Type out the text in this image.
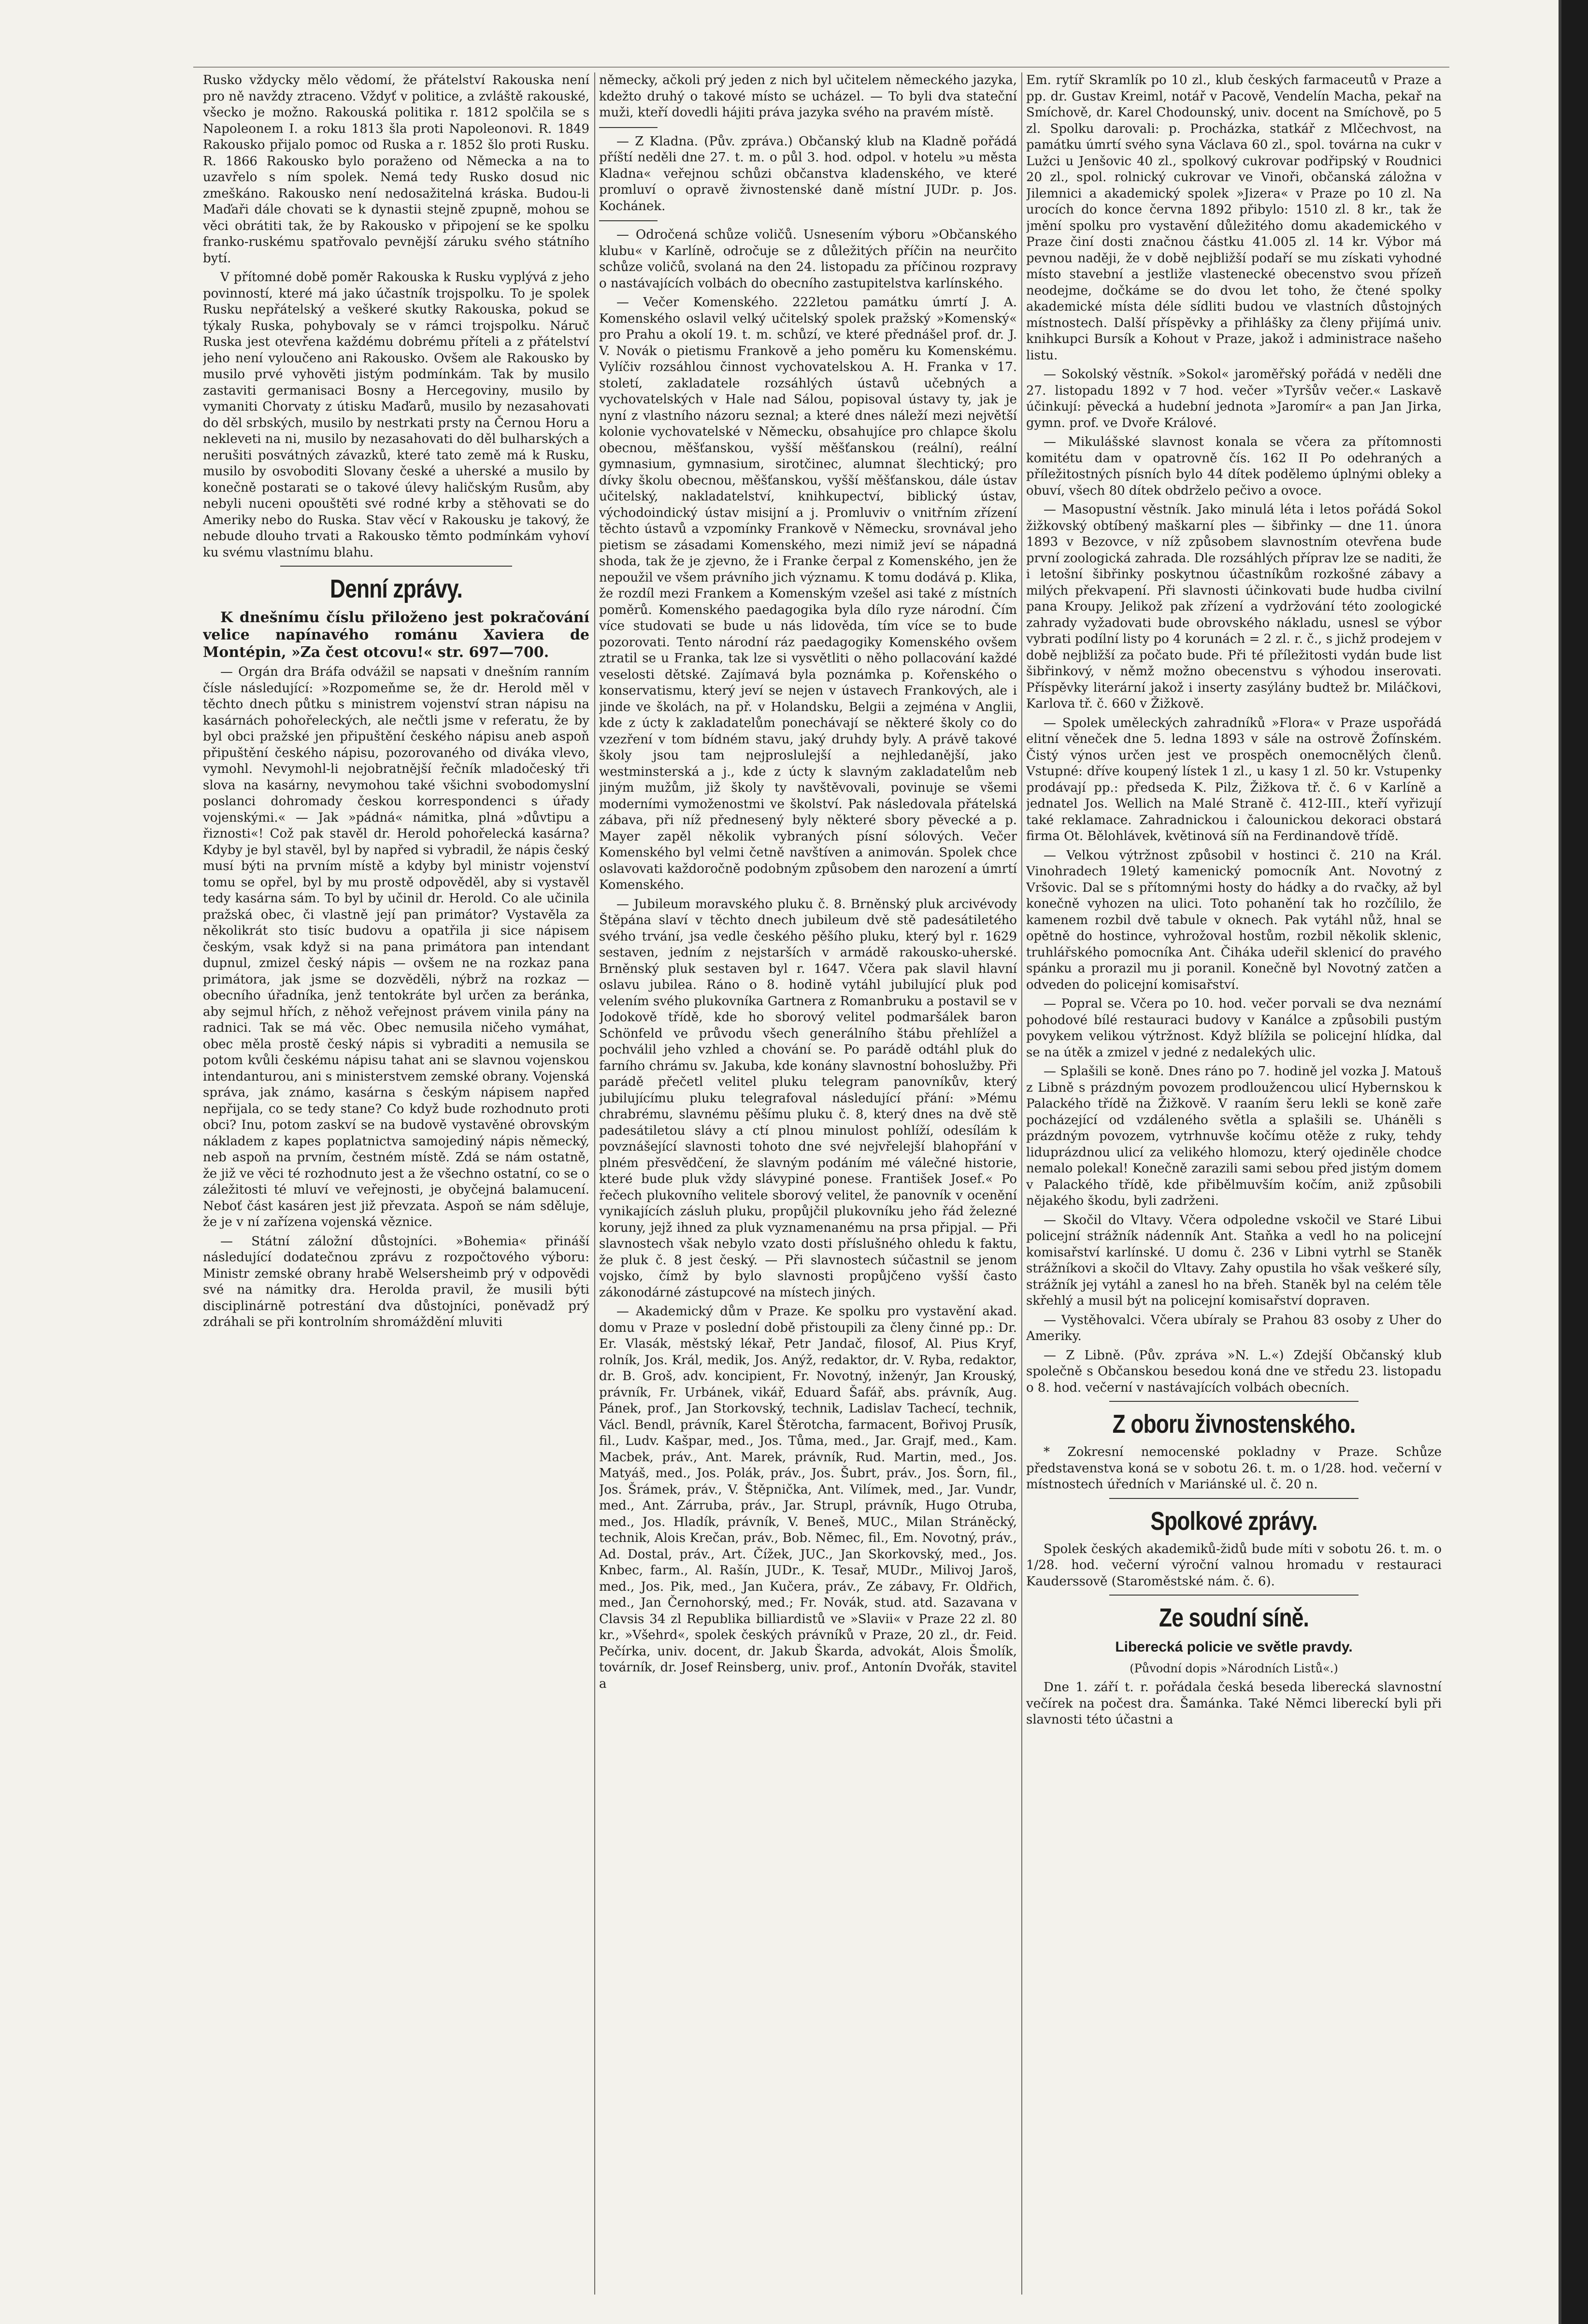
Rusko vždycky mělo vědomí, že přátelství Rakouska není pro ně navždy ztraceno. Vždyť v politice, a zvláště rakouské, všecko je možno. Rakouská politika r. 1812 spolčila se s Napoleonem I. a roku 1813 šla proti Napoleonovi. R. 1849 Rakousko přijalo pomoc od Ruska a r. 1852 šlo proti Rusku. R. 1866 Rakousko bylo poraženo od Německa a na to uzavřelo s ním spolek. Nemá tedy Rusko dosud nic zmeškáno. Rakousko není nedosažitelná kráska. Budou-li Maďaři dále chovati se k dynastii stejně zpupně, mohou se věci obrátiti tak, že by Rakousko v připojení se ke spolku franko-ruskému spatřovalo pevnější záruku svého státního bytí.

V přítomné době poměr Rakouska k Rusku vyplývá z jeho povinností, které má jako účastník trojspolku. To je spolek Rusku nepřátelský a veškeré skutky Rakouska, pokud se týkaly Ruska, pohybovaly se v rámci trojspolku. Náruč Ruska jest otevřena každému dobrému příteli a z přátelství jeho není vyloučeno ani Rakousko. Ovšem ale Rakousko by musilo prvé vyhověti jistým podmínkám. Tak by musilo zastaviti germanisaci Bosny a Hercegoviny, musilo by vymaniti Chorvaty z útisku Maďarů, musilo by nezasahovati do děl srbských, musilo by nestrkati prsty na Černou Horu a nekleveti na ni, musilo by nezasahovati do děl bulharských a nerušiti posvátných závazků, které tato země má k Rusku, musilo by osvoboditi Slovany české a uherské a musilo by konečně postarati se o takové úlevy haličským Rusům, aby nebyli nuceni opouštěti své rodné krby a stěhovati se do Ameriky nebo do Ruska. Stav věcí v Rakousku je takový, že nebude dlouho trvati a Rakousko těmto podmínkám vyhoví ku svému vlastnímu blahu.

Denní zprávy.

K dnešnímu číslu přiloženo jest pokračování velice napínavého románu Xaviera de Montépin, »Za čest otcovu!« str. 697—700.

— Orgán dra Bráfa odvážil se napsati v dnešním ranním čísle následující: »Rozpomeňme se, že dr. Herold měl v těchto dnech půtku s ministrem vojenství stran nápisu na kasárnách pohořeleckých, ale nečtli jsme v referatu, že by byl obci pražské jen připuštění českého nápisu aneb aspoň připuštění českého nápisu, pozorovaného od diváka vlevo, vymohl. Nevymohl-li nejobratnější řečník mladočeský tři slova na kasárny, nevymohou také všichni svobodomyslní poslanci dohromady českou korrespondenci s úřady vojenskými.« — Jak »pádná« námitka, plná »důvtipu a řiznosti«! Což pak stavěl dr. Herold pohořelecká kasárna? Kdyby je byl stavěl, byl by napřed si vybradil, že nápis český musí býti na prvním místě a kdyby byl ministr vojenství tomu se opřel, byl by mu prostě odpověděl, aby si vystavěl tedy kasárna sám. To byl by učinil dr. Herold. Co ale učinila pražská obec, či vlastně její pan primátor? Vystavěla za několikrát sto tisíc budovu a opatřila ji sice nápisem českým, vsak když si na pana primátora pan intendant dupnul, zmizel český nápis — ovšem ne na rozkaz pana primátora, jak jsme se dozvěděli, nýbrž na rozkaz — obecního úřadníka, jenž tentokráte byl určen za beránka, aby sejmul hřích, z něhož veřejnost právem vinila pány na radnici. Tak se má věc. Obec nemusila ničeho vymáhat, obec měla prostě český nápis si vybraditi a nemusila se potom kvůli českému nápisu tahat ani se slavnou vojenskou intendanturou, ani s ministerstvem zemské obrany. Vojenská správa, jak známo, kasárna s českým nápisem napřed nepřijala, co se tedy stane? Co když bude rozhodnuto proti obci? Inu, potom zaskví se na budově vystavěné obrovským nákladem z kapes poplatnictva samojediný nápis německý, neb aspoň na prvním, čestném místě. Zdá se nám ostatně, že již ve věci té rozhodnuto jest a že všechno ostatní, co se o záležitosti té mluví ve veřejnosti, je obyčejná balamucení. Neboť část kasáren jest již převzata. Aspoň se nám sděluje, že je v ní zařízena vojenská věznice.

— Státní záložní důstojníci. »Bohemia« přináší následující dodatečnou zprávu z rozpočtového výboru: Ministr zemské obrany hrabě Welsersheimb prý v odpovědi své na námitky dra. Herolda pravil, že musili býti disciplinárně potrestání dva důstojníci, poněvadž prý zdráhali se při kontrolním shromáždění mluviti

německy, ačkoli prý jeden z nich byl učitelem německého jazyka, kdežto druhý o takové místo se ucházel. — To byli dva stateční muži, kteří dovedli hájiti práva jazyka svého na pravém místě.

— Z Kladna. (Pův. zpráva.) Občanský klub na Kladně pořádá příští neděli dne 27. t. m. o půl 3. hod. odpol. v hotelu »u města Kladna« veřejnou schůzi občanstva kladenského, ve které promluví o opravě živnostenské daně místní JUDr. p. Jos. Kochánek.

— Odročená schůze voličů. Usnesením výboru »Občanského klubu« v Karlíně, odročuje se z důležitých příčin na neurčito schůze voličů, svolaná na den 24. listopadu za příčinou rozpravy o nastávajících volbách do obecního zastupitelstva karlínského.

— Večer Komenského. 222letou památku úmrtí J. A. Komenského oslavil velký učitelský spolek pražský »Komenský« pro Prahu a okolí 19. t. m. schůzí, ve které přednášel prof. dr. J. V. Novák o pietismu Frankově a jeho poměru ku Komenskému. Vylíčiv rozsáhlou činnost vychovatelskou A. H. Franka v 17. století, zakladatele rozsáhlých ústavů učebných a vychovatelských v Hale nad Sálou, popisoval ústavy ty, jak je nyní z vlastního názoru seznal; a které dnes náleží mezi největší kolonie vychovatelské v Německu, obsahujíce pro chlapce školu obecnou, měšťanskou, vyšší měšťanskou (reální), reální gymnasium, gymnasium, sirotčinec, alumnat šlechtický; pro dívky školu obecnou, měšťanskou, vyšší měšťanskou, dále ústav učitelský, nakladatelství, knihkupectví, biblický ústav, východoindický ústav misijní a j. Promluviv o vnitřním zřízení těchto ústavů a vzpomínky Frankově v Německu, srovnával jeho pietism se zásadami Komenského, mezi nimiž jeví se nápadná shoda, tak že je zjevno, že i Franke čerpal z Komenského, jen že nepoužil ve všem právního jich významu. K tomu dodává p. Klika, že rozdíl mezi Frankem a Komenským vzešel asi také z místních poměrů. Komenského paedagogika byla dílo ryze národní. Čím více studovati se bude u nás lidověda, tím více se to bude pozorovati. Tento národní ráz paedagogiky Komenského ovšem ztratil se u Franka, tak lze si vysvětliti o něho pollacování každé veselosti dětské. Zajímavá byla poznámka p. Kořenského o konservatismu, který jeví se nejen v ústavech Frankových, ale i jinde ve školách, na př. v Holandsku, Belgii a zejména v Anglii, kde z úcty k zakladatelům ponechávají se některé školy co do vzezření v tom bídném stavu, jaký druhdy byly. A právě takové školy jsou tam nejproslulejší a nejhledanější, jako westminsterská a j., kde z úcty k slavným zakladatelům neb jiným mužům, již školy ty navštěvovali, povinuje se všemi moderními vymoženostmi ve školství. Pak následovala přátelská zábava, při níž přednesený byly některé sbory pěvecké a p. Mayer zapěl několik vybraných písní sólových. Večer Komenského byl velmi četně navštíven a animován. Spolek chce oslavovati každoročně podobným způsobem den narození a úmrtí Komenského.

— Jubileum moravského pluku č. 8. Brněnský pluk arcivévody Štěpána slaví v těchto dnech jubileum dvě stě padesátiletého svého trvání, jsa vedle českého pěšího pluku, který byl r. 1629 sestaven, jedním z nejstarších v armádě rakousko-uherské. Brněnský pluk sestaven byl r. 1647. Včera pak slavil hlavní oslavu jubilea. Ráno o 8. hodině vytáhl jubilující pluk pod velením svého plukovníka Gartnera z Romanbruku a postavil se v Jodokově třídě, kde ho sborový velitel podmaršálek baron Schönfeld ve průvodu všech generálního štábu přehlížel a pochválil jeho vzhled a chování se. Po parádě odtáhl pluk do farního chrámu sv. Jakuba, kde konány slavnostní bohoslužby. Při parádě přečetl velitel pluku telegram panovníkův, který jubilujícímu pluku telegrafoval následující přání: »Mému chrabrému, slavnému pěšímu pluku č. 8, který dnes na dvě stě padesátiletou slávy a ctí plnou minulost pohlíží, odesílám k povznášející slavnosti tohoto dne své nejvřelejší blahopřání v plném přesvědčení, že slavným podáním mé válečné historie, které bude pluk vždy slávypiné ponese. František Josef.« Po řečech plukovního velitele sborový velitel, že panovník v ocenění vynikajících zásluh pluku, propůjčil plukovníku jeho řád železné koruny, jejž ihned za pluk vyznamenanému na prsa připjal. — Při slavnostech však nebylo vzato dosti příslušného ohledu k faktu, že pluk č. 8 jest český. — Při slavnostech súčastnil se jenom vojsko, čímž by bylo slavnosti propůjčeno vyšší často zákonodárné zástupcové na místech jiných.

— Akademický dům v Praze. Ke spolku pro vystavění akad. domu v Praze v poslední době přistoupili za členy činné pp.: Dr. Er. Vlasák, městský lékař, Petr Jandač, filosof, Al. Pius Kryf, rolník, Jos. Král, medik, Jos. Anýž, redaktor, dr. V. Ryba, redaktor, dr. B. Groš, adv. koncipient, Fr. Novotný, inženýr, Jan Krouský, právník, Fr. Urbánek, vikář, Eduard Šafář, abs. právník, Aug. Pánek, prof., Jan Storkovský, technik, Ladislav Tachecí, technik, Václ. Bendl, právník, Karel Štěrotcha, farmacent, Bořivoj Prusík, fil., Ludv. Kašpar, med., Jos. Tůma, med., Jar. Grajf, med., Kam. Macbek, práv., Ant. Marek, právník, Rud. Martin, med., Jos. Matyáš, med., Jos. Polák, práv., Jos. Šubrt, práv., Jos. Šorn, fil., Jos. Šrámek, práv., V. Štěpnička, Ant. Vilímek, med., Jar. Vundr, med., Ant. Zárruba, práv., Jar. Strupl, právník, Hugo Otruba, med., Jos. Hladík, právník, V. Beneš, MUC., Milan Stráněcký, technik, Alois Krečan, práv., Bob. Němec, fil., Em. Novotný, práv., Ad. Dostal, práv., Art. Čížek, JUC., Jan Skorkovský, med., Jos. Knbec, farm., Al. Rašín, JUDr., K. Tesař, MUDr., Milivoj Jaroš, med., Jos. Pik, med., Jan Kučera, práv., Ze zábavy, Fr. Oldřich, med., Jan Černohorský, med.; Fr. Novák, stud. atd. Sazavana v Clavsis 34 zl Republika billiardistů ve »Slavii« v Praze 22 zl. 80 kr., »Všehrd«, spolek českých právníků v Praze, 20 zl., dr. Feid. Pečírka, univ. docent, dr. Jakub Škarda, advokát, Alois Šmolík, továrník, dr. Josef Reinsberg, univ. prof., Antonín Dvořák, stavitel a

Em. rytíř Skramlík po 10 zl., klub českých farmaceutů v Praze a pp. dr. Gustav Kreiml, notář v Pacově, Vendelín Macha, pekař na Smíchově, dr. Karel Chodounský, univ. docent na Smíchově, po 5 zl. Spolku darovali: p. Procházka, statkář z Mlčechvost, na památku úmrtí svého syna Václava 60 zl., spol. továrna na cukr v Lužci u Jenšovic 40 zl., spolkový cukrovar podřipský v Roudnici 20 zl., spol. rolnický cukrovar ve Vinoři, občanská záložna v Jilemnici a akademický spolek »Jizera« v Praze po 10 zl. Na urocích do konce června 1892 přibylo: 1510 zl. 8 kr., tak že jmění spolku pro vystavění důležitého domu akademického v Praze činí dosti značnou částku 41.005 zl. 14 kr. Výbor má pevnou naději, že v době nejbližší podaří se mu získati vyhodné místo stavební a jestliže vlastenecké obecenstvo svou přízeň neodejme, dočkáme se do dvou let toho, že čtené spolky akademické místa déle sídliti budou ve vlastních důstojných místnostech. Další příspěvky a přihlášky za členy přijímá univ. knihkupci Bursík a Kohout v Praze, jakož i administrace našeho listu.

— Sokolský věstník. »Sokol« jaroměřský pořádá v neděli dne 27. listopadu 1892 v 7 hod. večer »Tyršův večer.« Laskavě účinkují: pěvecká a hudební jednota »Jaromír« a pan Jan Jirka, gymn. prof. ve Dvoře Králové.

— Mikulášské slavnost konala se včera za přítomnosti komitétu dam v opatrovně čís. 162 II Po odehraných a příležitostných písních bylo 44 dítek podělemo úplnými obleky a obuví, všech 80 dítek obdrželo pečivo a ovoce.

— Masopustní věstník. Jako minulá léta i letos pořádá Sokol žižkovský obtíbený maškarní ples — šibřinky — dne 11. února 1893 v Bezovce, v níž způsobem slavnostním otevřena bude první zoologická zahrada. Dle rozsáhlých příprav lze se naditi, že i letošní šibřinky poskytnou účastníkům rozkošné zábavy a milých překvapení. Při slavnosti účinkovati bude hudba civilní pana Kroupy. Jelikož pak zřízení a vydržování této zoologické zahrady vyžadovati bude obrovského nákladu, usnesl se výbor vybrati podílní listy po 4 korunách = 2 zl. r. č., s jichž prodejem v době nejbližší za počato bude. Při té příležitosti vydán bude list šibřinkový, v němž možno obecenstvu s výhodou inserovati. Příspěvky literární jakož i inserty zasýlány budtež br. Miláčkovi, Karlova tř. č. 660 v Žižkově.

— Spolek uměleckých zahradníků »Flora« v Praze uspořádá elitní věneček dne 5. ledna 1893 v sále na ostrově Žofínském. Čistý výnos určen jest ve prospěch onemocnělých členů. Vstupné: dříve koupený lístek 1 zl., u kasy 1 zl. 50 kr. Vstupenky prodávají pp.: předseda K. Pilz, Žižkova tř. č. 6 v Karlíně a jednatel Jos. Wellich na Malé Straně č. 412-III., kteří vyřizují také reklamace. Zahradnickou i čalounickou dekoraci obstará firma Ot. Bělohlávek, květinová síň na Ferdinandově třídě.

— Velkou výtržnost způsobil v hostinci č. 210 na Král. Vinohradech 19letý kamenický pomocník Ant. Novotný z Vršovic. Dal se s přítomnými hosty do hádky a do rvačky, až byl konečně vyhozen na ulici. Toto pohanění tak ho rozčílilo, že kamenem rozbil dvě tabule v oknech. Pak vytáhl nůž, hnal se opětně do hostince, vyhrožoval hostům, rozbil několik sklenic, truhlářského pomocníka Ant. Čiháka udeřil sklenicí do pravého spánku a prorazil mu ji poranil. Konečně byl Novotný zatčen a odveden do policejní komisařství.

— Popral se. Včera po 10. hod. večer porvali se dva neznámí pohodové bílé restauraci budovy v Kanálce a způsobili pustým povykem velikou výtržnost. Když blížila se policejní hlídka, dal se na útěk a zmizel v jedné z nedalekých ulic.

— Splašili se koně. Dnes ráno po 7. hodině jel vozka J. Matouš z Libně s prázdným povozem prodloužencou ulicí Hybernskou k Palackého třídě na Žižkově. V raaním šeru lekli se koně zaře pocházející od vzdáleného světla a splašili se. Uháněli s prázdným povozem, vytrhnuvše kočímu otěže z ruky, tehdy liduprázdnou ulicí za velikého hlomozu, který ojediněle chodce nemalo polekal! Konečně zarazili sami sebou před jistým domem v Palackého třídě, kde přibělmuvším kočím, aniž způsobili nějakého škodu, byli zadrženi.

— Skočil do Vltavy. Včera odpoledne vskočil ve Staré Libui policejní strážník nádenník Ant. Staňka a vedl ho na policejní komisařství karlínské. U domu č. 236 v Libni vytrhl se Staněk strážníkovi a skočil do Vltavy. Zahy opustila ho však veškeré síly, strážník jej vytáhl a zanesl ho na břeh. Staněk byl na celém těle skřehlý a musil být na policejní komisařství dopraven.

— Vystěhovalci. Včera ubíraly se Prahou 83 osoby z Uher do Ameriky.

— Z Libně. (Pův. zpráva »N. L.«) Zdejší Občanský klub společně s Občanskou besedou koná dne ve středu 23. listopadu o 8. hod. večerní v nastávajících volbách obecních.

Z oboru živnostenského.

* Zokresní nemocenské pokladny v Praze. Schůze představenstva koná se v sobotu 26. t. m. o 1/28. hod. večerní v místnostech úředních v Mariánské ul. č. 20 n.

Spolkové zprávy.

Spolek českých akademiků-židů bude míti v sobotu 26. t. m. o 1/28. hod. večerní výroční valnou hromadu v restauraci Kauderssově (Staroměstské nám. č. 6).

Ze soudní síně.
Liberecká policie ve světle pravdy.
(Původní dopis »Národních Listů«.)

Dne 1. září t. r. pořádala česká beseda liberecká slavnostní večírek na počest dra. Šamánka. Také Němci libereckí byli při slavnosti této účastni a
